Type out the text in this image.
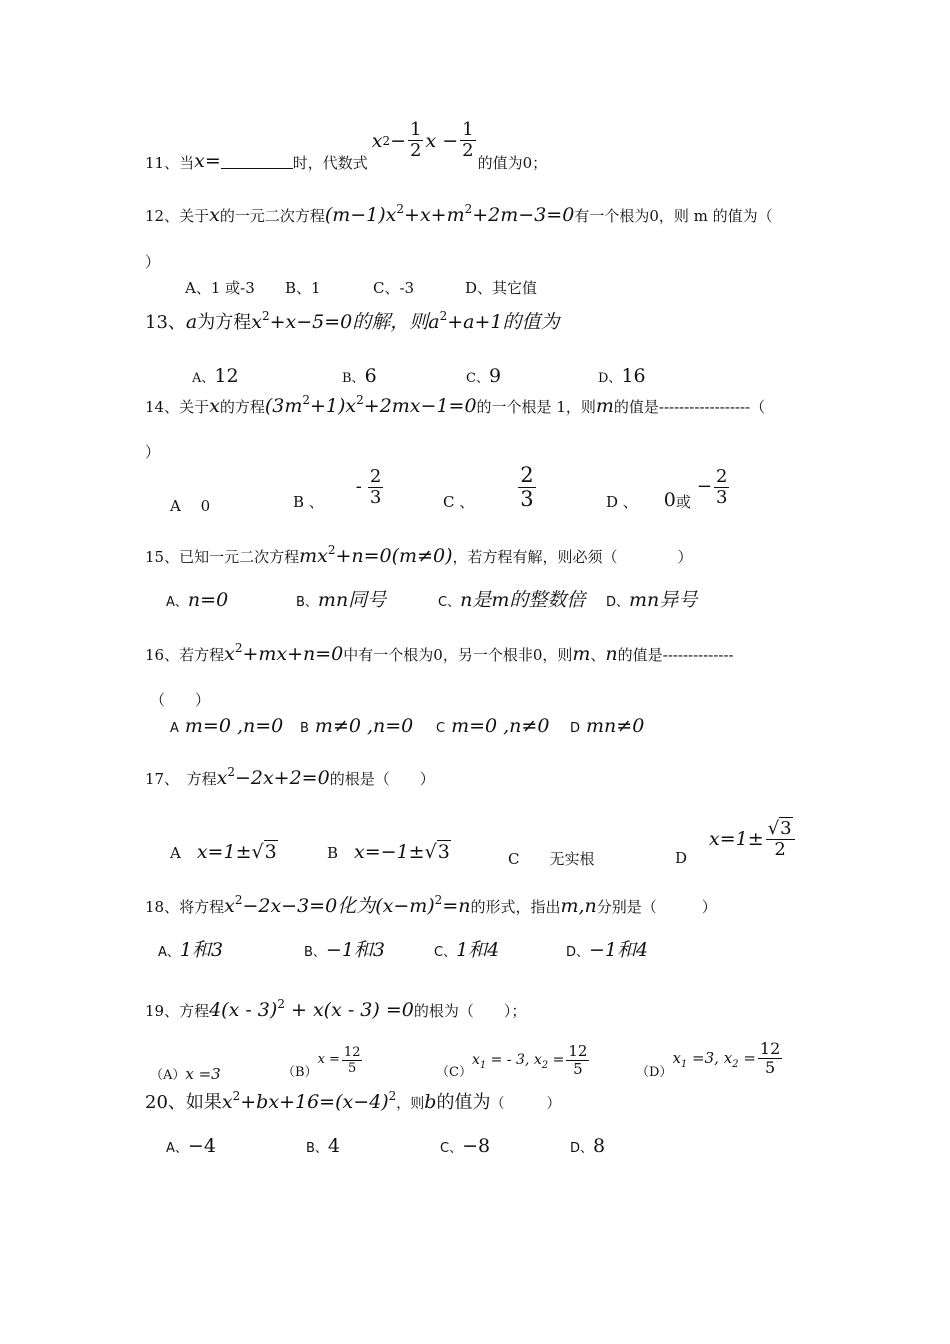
11、当 x =	时，代数式
x $2 - \frac{1}{2}$ $x - \frac{1}{2}$
的值为0；
12、关于x的一元二次方程$(m-1)x^2+x+m^2+2m-3=0$有一个根为0，则 m 的值为（
）
A、1 或-3 B、1	C、-3	D、其它值
13、a为方程$x^2+x-5=0$的解，则$a^2+a+1$的值为
A、12	B、6	C、9	D、16
14、关于x的方程$(3m^2+1)x^2+2mx-1=0$的一个根是 1，则m的值是------------------（
）
A　 0	B 、
- $\frac{2}{3}$	C 、 $\frac{2}{3}$	D 、 0 或
− $\frac{2}{3}$
15、已知一元二次方程$mx^2+n=0(m\ne 0)$，若方程有解，则必须（　　　　）
A、n=0	B、mn同号	C、n是m的整数倍 D、mn异号
16、若方程$x^2+mx+n=0$中有一个根为0，另一个根非0，则m、n的值是--------------
（　　）
A m=0 ,n=0 B m≠0 ,n=0 C m=0 ,n≠0 D mn≠0
17、　方程$x^2-2x+2=0$的根是（　　）
A x=1±√3	B x=−1±√3	C 无实根	D
$x=1\pm \frac{√3}{2}$
18、将方程$x^2-2x-3=0$化为$(x-m)^2=n$的形式，指出m,n分别是（　　　）
A、1和3	B、−1和3	C、1和4	D、−1和4
19、方程4(x - 3)$^2$ + x(x - 3) =0的根为（　　）；
（A）x =3	（B）
$x = \frac{12}{5}$	（C）
$x_1$ = - 3, $x_2 = \frac{12}{5}$	（D）
$x_1 =3$, $x_2 = \frac{12}{5}$
20、如果$x^2+bx+16=(x-4)^2$，则b的值为（　　　）
A、−4	B、4	C、−8	D、8
